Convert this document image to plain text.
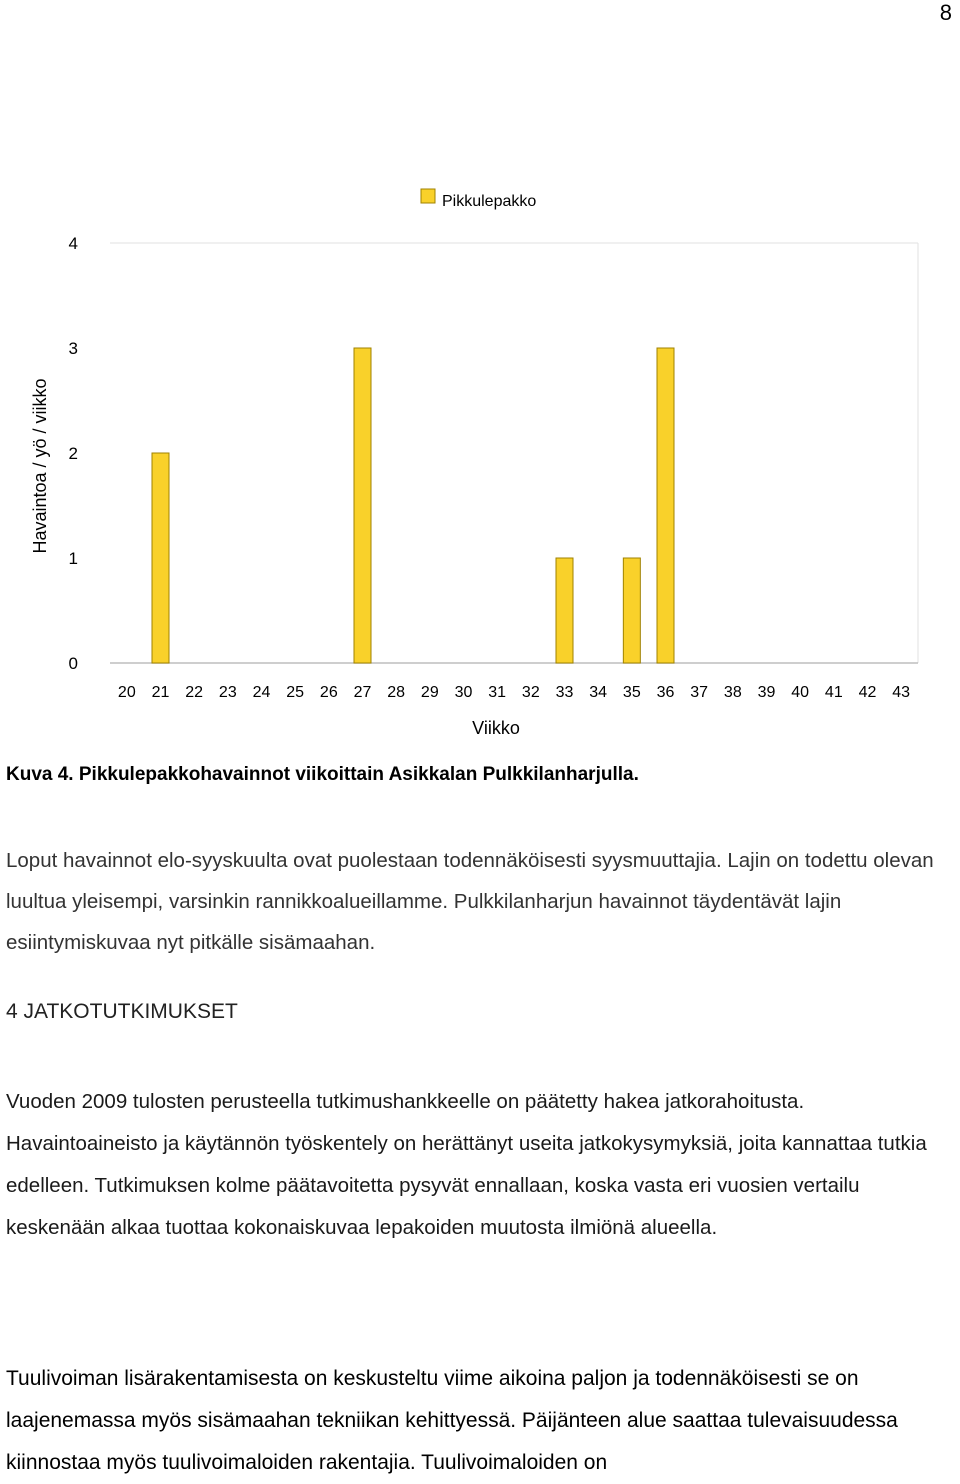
8
0
1
2
3
4
20 21 22 23 24 25 26 27 28 29 30 31 32 33 34 35 36 37 38 39 40 41 42 43
Viikko
Havaintoa / yö / viikko
Pikkulepakko
Kuva 4. Pikkulepakkohavainnot viikoittain Asikkalan Pulkkilanharjulla.

Loput havainnot elo-syyskuulta ovat puolestaan todennäköisesti syysmuuttajia. Lajin on todettu olevan luultua yleisempi, varsinkin rannikkoalueillamme. Pulkkilanharjun havainnot täydentävät lajin esiintymiskuvaa nyt pitkälle sisämaahan.

4 JATKOTUTKIMUKSET

Vuoden 2009 tulosten perusteella tutkimushankkeelle on päätetty hakea jatkorahoitusta. Havaintoaineisto ja käytännön työskentely on herättänyt useita jatkokysymyksiä, joita kannattaa tutkia edelleen. Tutkimuksen kolme päätavoitetta pysyvät ennallaan, koska vasta eri vuosien vertailu keskenään alkaa tuottaa kokonaiskuvaa lepakoiden muutosta ilmiönä alueella.

Tuulivoiman lisärakentamisesta on keskusteltu viime aikoina paljon ja todennäköisesti se on laajenemassa myös sisämaahan tekniikan kehittyessä. Päijänteen alue saattaa tulevaisuudessa kiinnostaa myös tuulivoimaloiden rakentajia. Tuulivoimaloiden on
